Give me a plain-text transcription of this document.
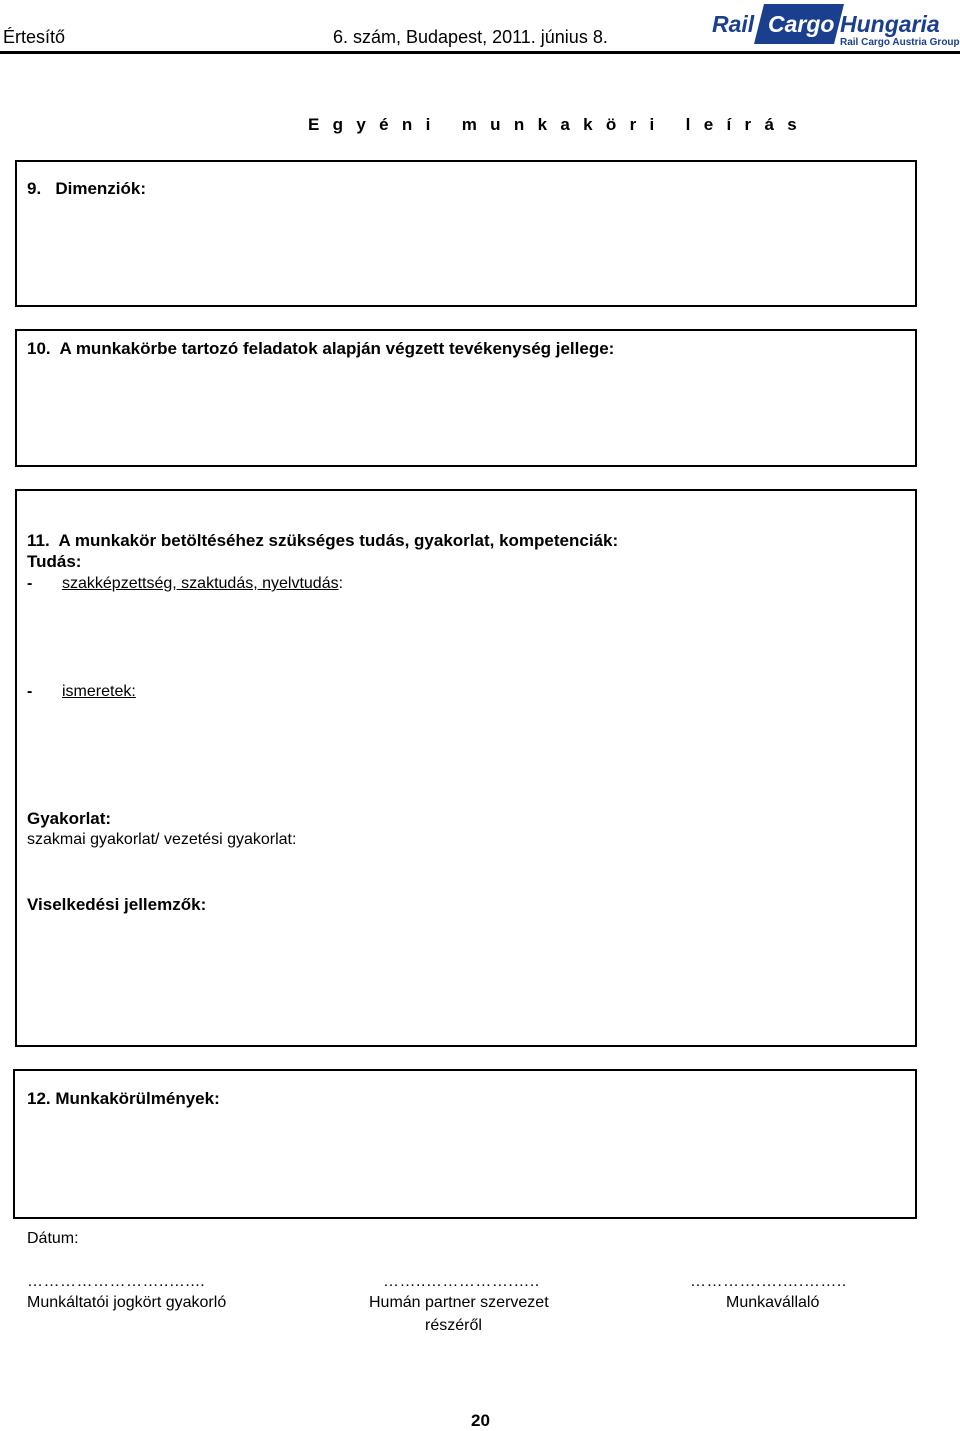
Értesítő	6. szám, Budapest, 2011. június 8.	Rail Cargo Hungaria
Rail Cargo Austria Group
E g y é n i   m u n k a k ö r i   l e í r á s
9.   Dimenziók:
10.  A munkakörbe tartozó feladatok alapján végzett tevékenység jellege:
11.  A munkakör betöltéséhez szükséges tudás, gyakorlat, kompetenciák:
Tudás:
- szakképzettség, szaktudás, nyelvtudás:
- ismeretek:
Gyakorlat:
szakmai gyakorlat/ vezetési gyakorlat:
Viselkedési jellemzők:
12. Munkakörülmények:
Dátum:
……………………..…....
Munkáltatói jogkört gyakorló
……..…………….…..
Humán partner szervezet
részéről
………….….….……..
Munkavállaló
20
